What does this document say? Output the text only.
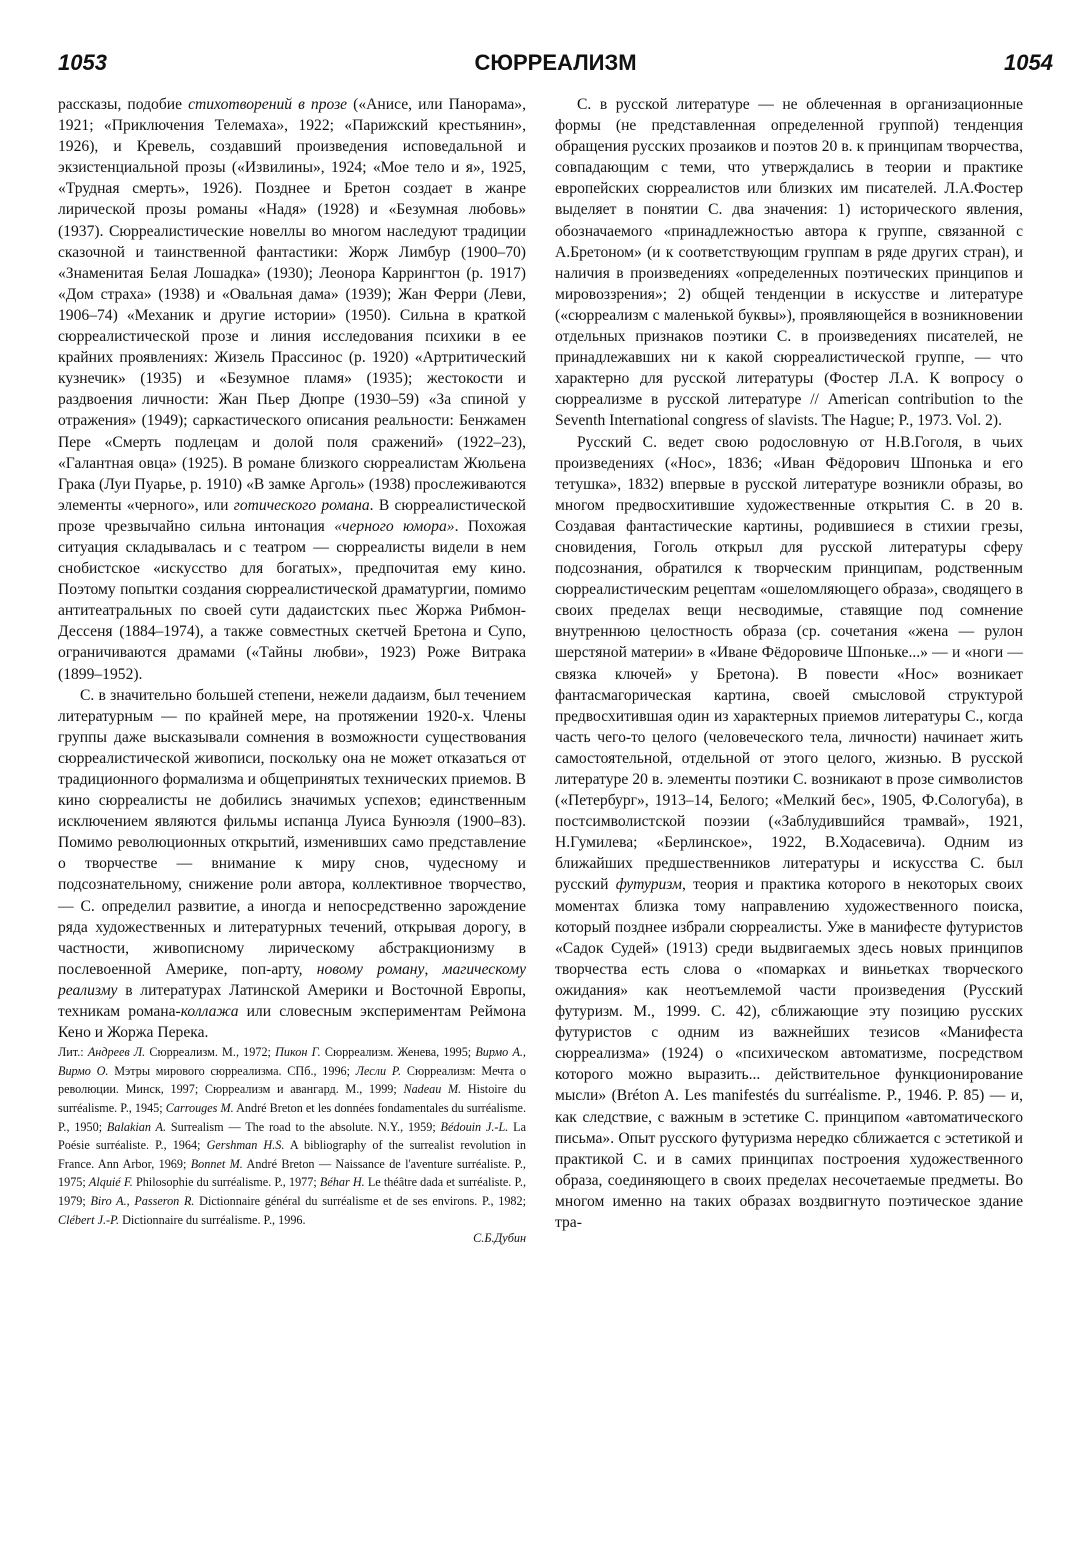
1053	СЮРРЕАЛИЗМ	1054

рассказы, подобие стихотворений в прозе («Анисе, или Панорама», 1921; «Приключения Телемаха», 1922; «Парижский крестьянин», 1926), и Кревель, создавший произведения исповедальной и экзистенциальной прозы («Извилины», 1924; «Мое тело и я», 1925, «Трудная смерть», 1926). Позднее и Бретон создает в жанре лирической прозы романы «Надя» (1928) и «Безумная любовь» (1937). Сюрреалистические новеллы во многом наследуют традиции сказочной и таинственной фантастики: Жорж Лимбур (1900–70) «Знаменитая Белая Лошадка» (1930); Леонора Каррингтон (р. 1917) «Дом страха» (1938) и «Овальная дама» (1939); Жан Ферри (Леви, 1906–74) «Механик и другие истории» (1950). Сильна в краткой сюрреалистической прозе и линия исследования психики в ее крайних проявлениях: Жизель Прассинос (р. 1920) «Артритический кузнечик» (1935) и «Безумное пламя» (1935); жестокости и раздвоения личности: Жан Пьер Дюпре (1930–59) «За спиной у отражения» (1949); саркастического описания реальности: Бенжамен Пере «Смерть подлецам и долой поля сражений» (1922–23), «Галантная овца» (1925). В романе близкого сюрреалистам Жюльена Грака (Луи Пуарье, р. 1910) «В замке Арголь» (1938) прослеживаются элементы «черного», или готического романа. В сюрреалистической прозе чрезвычайно сильна интонация «черного юмора». Похожая ситуация складывалась и с театром — сюрреалисты видели в нем снобистское «искусство для богатых», предпочитая ему кино. Поэтому попытки создания сюрреалистической драматургии, помимо антитеатральных по своей сути дадаистских пьес Жоржа Рибмон-Дессеня (1884–1974), а также совместных скетчей Бретона и Супо, ограничиваются драмами («Тайны любви», 1923) Роже Витрака (1899–1952).

С. в значительно большей степени, нежели дадаизм, был течением литературным — по крайней мере, на протяжении 1920-х. Члены группы даже высказывали сомнения в возможности существования сюрреалистической живописи, поскольку она не может отказаться от традиционного формализма и общепринятых технических приемов. В кино сюрреалисты не добились значимых успехов; единственным исключением являются фильмы испанца Луиса Бунюэля (1900–83). Помимо революционных открытий, изменивших само представление о творчестве — внимание к миру снов, чудесному и подсознательному, снижение роли автора, коллективное творчество, — С. определил развитие, а иногда и непосредственно зарождение ряда художественных и литературных течений, открывая дорогу, в частности, живописному лирическому абстракционизму в послевоенной Америке, поп-арту, новому роману, магическому реализму в литературах Латинской Америки и Восточной Европы, техникам романа-коллажа или словесным экспериментам Реймона Кено и Жоржа Перека.

Лит.: Андреев Л. Сюрреализм. М., 1972; Пикон Г. Сюрреализм. Женева, 1995; Вирмо А., Вирмо О. Мэтры мирового сюрреализма. СПб., 1996; Лесли Р. Сюрреализм: Мечта о революции. Минск, 1997; Сюрреализм и авангард. М., 1999; Nadeau M. Histoire du surréalisme. P., 1945; Carrouges M. André Breton et les données fondamentales du surréalisme. P., 1950; Balakian A. Surrealism — The road to the absolute. N.Y., 1959; Bédouin J.-L. La Poésie surréaliste. P., 1964; Gershman H.S. A bibliography of the surrealist revolution in France. Ann Arbor, 1969; Bonnet M. André Breton — Naissance de l'aventure surréaliste. P., 1975; Alquié F. Philosophie du surréalisme. P., 1977; Béhar H. Le théâtre dada et surréaliste. P., 1979; Biro A., Passeron R. Dictionnaire général du surréalisme et de ses environs. P., 1982; Clébert J.-P. Dictionnaire du surréalisme. P., 1996.

С.Б.Дубин

С. в русской литературе — не облеченная в организационные формы (не представленная определенной группой) тенденция обращения русских прозаиков и поэтов 20 в. к принципам творчества, совпадающим с теми, что утверждались в теории и практике европейских сюрреалистов или близких им писателей. Л.А.Фостер выделяет в понятии С. два значения: 1) исторического явления, обозначаемого «принадлежностью автора к группе, связанной с А.Бретоном» (и к соответствующим группам в ряде других стран), и наличия в произведениях «определенных поэтических принципов и мировоззрения»; 2) общей тенденции в искусстве и литературе («сюрреализм с маленькой буквы»), проявляющейся в возникновении отдельных признаков поэтики С. в произведениях писателей, не принадлежавших ни к какой сюрреалистической группе, — что характерно для русской литературы (Фостер Л.А. К вопросу о сюрреализме в русской литературе // American contribution to the Seventh International congress of slavists. The Hague; P., 1973. Vol. 2).

Русский С. ведет свою родословную от Н.В.Гоголя, в чьих произведениях («Нос», 1836; «Иван Фёдорович Шпонька и его тетушка», 1832) впервые в русской литературе возникли образы, во многом предвосхитившие художественные открытия С. в 20 в. Создавая фантастические картины, родившиеся в стихии грезы, сновидения, Гоголь открыл для русской литературы сферу подсознания, обратился к творческим принципам, родственным сюрреалистическим рецептам «ошеломляющего образа», сводящего в своих пределах вещи несводимые, ставящие под сомнение внутреннюю целостность образа (ср. сочетания «жена — рулон шерстяной материи» в «Иване Фёдоровиче Шпоньке...» — и «ноги — связка ключей» у Бретона). В повести «Нос» возникает фантасмагорическая картина, своей смысловой структурой предвосхитившая один из характерных приемов литературы С., когда часть чего-то целого (человеческого тела, личности) начинает жить самостоятельной, отдельной от этого целого, жизнью. В русской литературе 20 в. элементы поэтики С. возникают в прозе символистов («Петербург», 1913–14, Белого; «Мелкий бес», 1905, Ф.Сологуба), в постсимволистской поэзии («Заблудившийся трамвай», 1921, Н.Гумилева; «Берлинское», 1922, В.Ходасевича). Одним из ближайших предшественников литературы и искусства С. был русский футуризм, теория и практика которого в некоторых своих моментах близка тому направлению художественного поиска, который позднее избрали сюрреалисты. Уже в манифесте футуристов «Садок Судей» (1913) среди выдвигаемых здесь новых принципов творчества есть слова о «помарках и виньетках творческого ожидания» как неотъемлемой части произведения (Русский футуризм. М., 1999. С. 42), сближающие эту позицию русских футуристов с одним из важнейших тезисов «Манифеста сюрреализма» (1924) о «психическом автоматизме, посредством которого можно выразить... действительное функционирование мысли» (Bréton A. Les manifestés du surréalisme. P., 1946. P. 85) — и, как следствие, с важным в эстетике С. принципом «автоматического письма». Опыт русского футуризма нередко сближается с эстетикой и практикой С. и в самих принципах построения художественного образа, соединяющего в своих пределах несочетаемые предметы. Во многом именно на таких образах воздвигнуто поэтическое здание тра-
